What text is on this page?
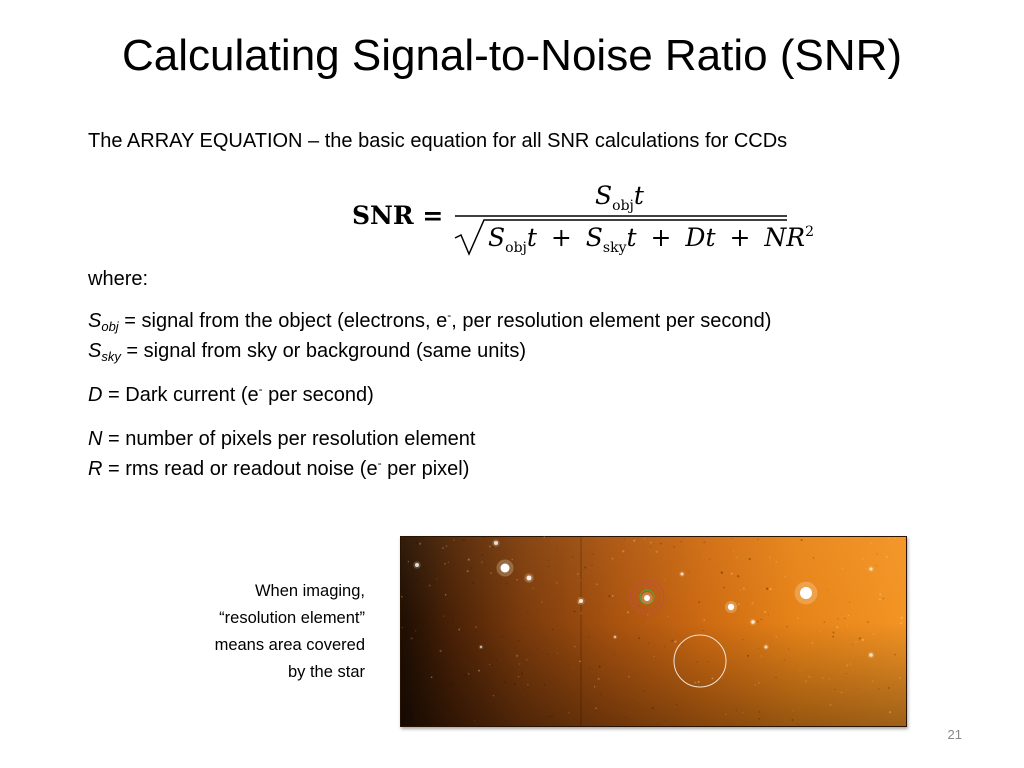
Calculating Signal-to-Noise Ratio (SNR)
The ARRAY EQUATION – the basic equation for all SNR calculations for CCDs
SNR =
$S_{obj}t$
$S_{obj}t + S_{sky}t + Dt + NR^2$

where:

$S_{obj}$ = signal from the object (electrons, e-, per resolution element per second)

$S_{sky}$ = signal from sky or background (same units)

D = Dark current (e- per second)

N = number of pixels per resolution element

R = rms read or readout noise (e- per pixel)

When imaging,
“resolution element”
means area covered
by the star
21
